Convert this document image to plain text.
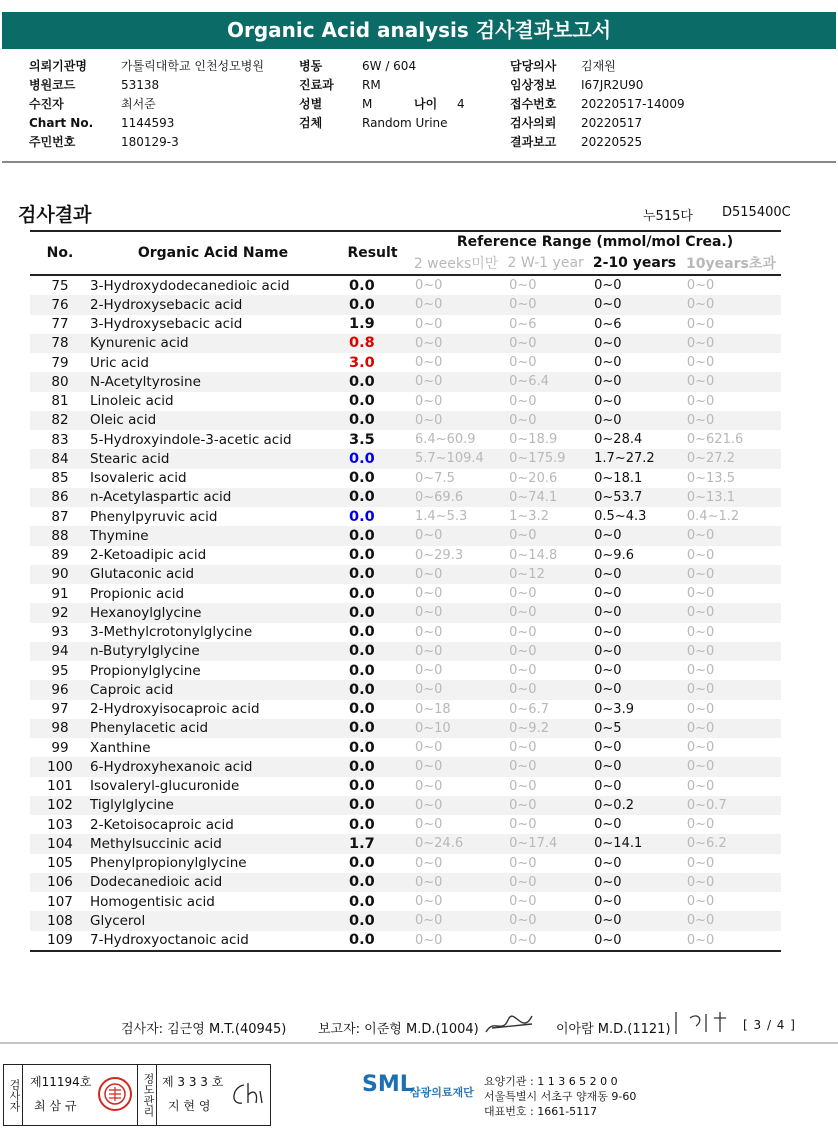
Organic Acid analysis 검사결과보고서
의뢰기관명	가톨릭대학교 인천성모병원
병원코드	53138
수진자	최서준
Chart No. 1144593
주민번호	180129-3
병동	6W / 604
진료과 RM
성별	M	나이 4
검체	Random Urine
담당의사 김재원
임상정보 I67JR2U90
접수번호 20220517-14009
검사의뢰 20220517
결과보고 20220525
검사결과	누515다 D515400C
No.	Organic Acid Name	Result	Reference Range (mmol/mol Crea.)			
			2 weeks미만	2 W-1 year	2-10 years	10years초과
75	3-Hydroxydodecanedioic acid	0.0	0~0	0~0	0~0	0~0
76	2-Hydroxysebacic acid	0.0	0~0	0~0	0~0	0~0
77	3-Hydroxysebacic acid	1.9	0~0	0~6	0~6	0~0
78	Kynurenic acid	0.8	0~0	0~0	0~0	0~0
79	Uric acid	3.0	0~0	0~0	0~0	0~0
80	N-Acetyltyrosine	0.0	0~0	0~6.4	0~0	0~0
81	Linoleic acid	0.0	0~0	0~0	0~0	0~0
82	Oleic acid	0.0	0~0	0~0	0~0	0~0
83	5-Hydroxyindole-3-acetic acid	3.5	6.4~60.9	0~18.9	0~28.4	0~621.6
84	Stearic acid	0.0	5.7~109.4	0~175.9	1.7~27.2	0~27.2
85	Isovaleric acid	0.0	0~7.5	0~20.6	0~18.1	0~13.5
86	n-Acetylaspartic acid	0.0	0~69.6	0~74.1	0~53.7	0~13.1
87	Phenylpyruvic acid	0.0	1.4~5.3	1~3.2	0.5~4.3	0.4~1.2
88	Thymine	0.0	0~0	0~0	0~0	0~0
89	2-Ketoadipic acid	0.0	0~29.3	0~14.8	0~9.6	0~0
90	Glutaconic acid	0.0	0~0	0~12	0~0	0~0
91	Propionic acid	0.0	0~0	0~0	0~0	0~0
92	Hexanoylglycine	0.0	0~0	0~0	0~0	0~0
93	3-Methylcrotonylglycine	0.0	0~0	0~0	0~0	0~0
94	n-Butyrylglycine	0.0	0~0	0~0	0~0	0~0
95	Propionylglycine	0.0	0~0	0~0	0~0	0~0
96	Caproic acid	0.0	0~0	0~0	0~0	0~0
97	2-Hydroxyisocaproic acid	0.0	0~18	0~6.7	0~3.9	0~0
98	Phenylacetic acid	0.0	0~10	0~9.2	0~5	0~0
99	Xanthine	0.0	0~0	0~0	0~0	0~0
100	6-Hydroxyhexanoic acid	0.0	0~0	0~0	0~0	0~0
101	Isovaleryl-glucuronide	0.0	0~0	0~0	0~0	0~0
102	Tiglylglycine	0.0	0~0	0~0	0~0.2	0~0.7
103	2-Ketoisocaproic acid	0.0	0~0	0~0	0~0	0~0
104	Methylsuccinic acid	1.7	0~24.6	0~17.4	0~14.1	0~6.2
105	Phenylpropionylglycine	0.0	0~0	0~0	0~0	0~0
106	Dodecanedioic acid	0.0	0~0	0~0	0~0	0~0
107	Homogentisic acid	0.0	0~0	0~0	0~0	0~0
108	Glycerol	0.0	0~0	0~0	0~0	0~0
109	7-Hydroxyoctanoic acid	0.0	0~0	0~0	0~0	0~0
검사자: 김근영 M.T.(40945) 보고자: 이준형 M.D.(1004)	이아람 M.D.(1121)	[ 3 / 4 ]
검사자 제11194호
최 삼 규	정도관리 제 3 3 3 호
지 현 영
SML
삼광의료재단
요양기관 : 1 1 3 6 5 2 0 0
서울특별시 서초구 양재동 9-60
대표번호 : 1661-5117
